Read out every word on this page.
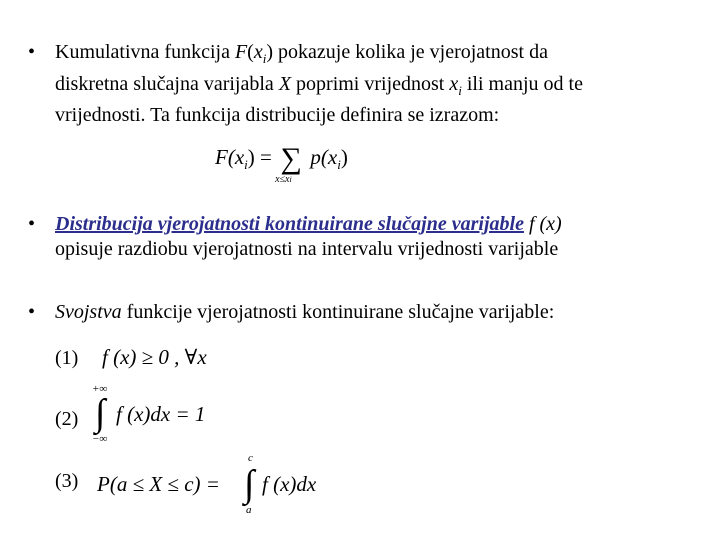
• Kumulativna funkcija $F(x_i)$ pokazuje kolika je vjerojatnost da
diskretna slučajna varijabla X poprimi vrijednost $x_i$ ili manju od te
vrijednosti. Ta funkcija distribucije definira se izrazom:
$F(x_i)$ = ∑
x≤xi
$p(x_i)$
• Distribucija vjerojatnosti kontinuirane slučajne varijable f (x)
opisuje razdiobu vjerojatnosti na intervalu vrijednosti varijable
• Svojstva funkcije vjerojatnosti kontinuirane slučajne varijable:
(1) f (x) ≥ 0 , ∀x
(2)
+∞
∫
−∞
f (x)dx = 1
(3) P(a ≤ X ≤ c) =
c
∫
a
f (x)dx
